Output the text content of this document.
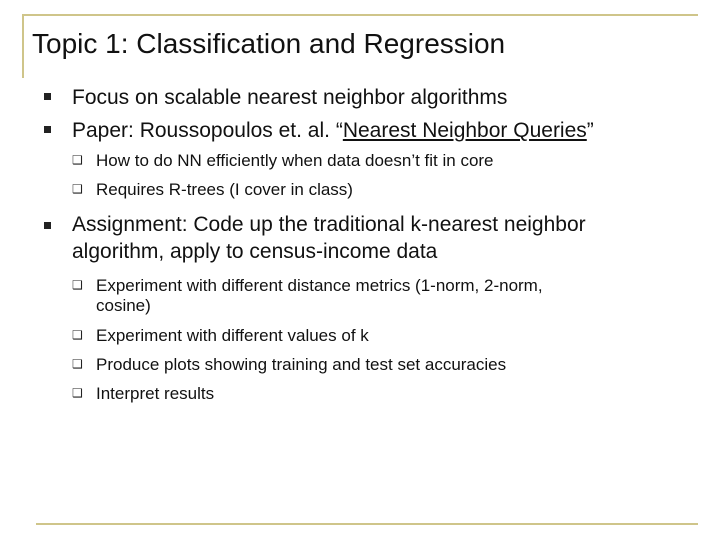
Topic 1: Classification and Regression
Focus on scalable nearest neighbor algorithms
Paper: Roussopoulos et. al. “Nearest Neighbor Queries”
❑ How to do NN efficiently when data doesn’t fit in core
❑ Requires R-trees (I cover in class)
Assignment: Code up the traditional k-nearest neighbor
algorithm, apply to census-income data
❑ Experiment with different distance metrics (1-norm, 2-norm,
cosine)
❑ Experiment with different values of k
❑ Produce plots showing training and test set accuracies
❑ Interpret results
